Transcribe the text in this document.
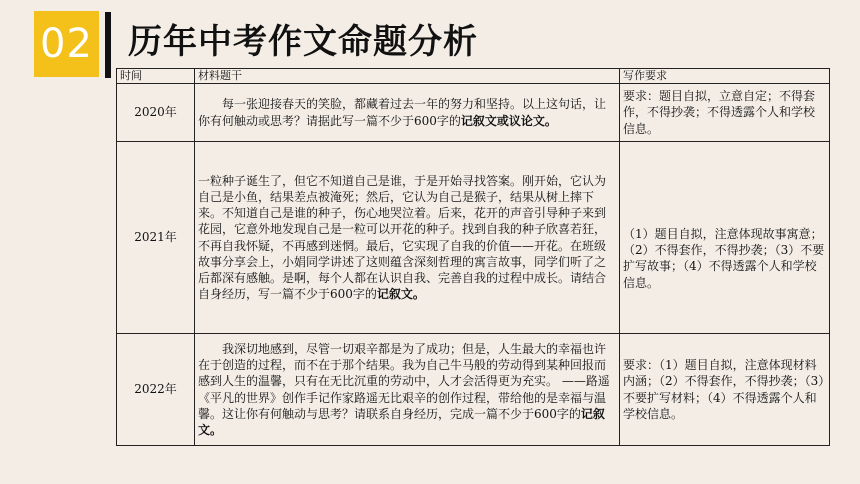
02 历年中考作文命题分析
时间	材料题干	写作要求
2020年	每一张迎接春天的笑脸，都藏着过去一年的努力和坚持。以上这句话，让你有何触动或思考？请据此写一篇不少于600字的记叙文或议论文。	要求：题目自拟，立意自定；不得套作，不得抄袭；不得透露个人和学校信息。
2021年	一粒种子诞生了，但它不知道自己是谁，于是开始寻找答案。刚开始，它认为自己是小鱼，结果差点被淹死；然后，它认为自己是猴子，结果从树上摔下来。不知道自己是谁的种子，伤心地哭泣着。后来，花开的声音引导种子来到花园，它意外地发现自己是一粒可以开花的种子。找到自我的种子欣喜若狂，不再自我怀疑，不再感到迷惘。最后，它实现了自我的价值——开花。在班级故事分享会上，小娟同学讲述了这则蕴含深刻哲理的寓言故事，同学们听了之后都深有感触。是啊，每个人都在认识自我、完善自我的过程中成长。请结合自身经历，写一篇不少于600字的记叙文。	（1）题目自拟，注意体现故事寓意；（2）不得套作，不得抄袭；（3）不要扩写故事；（4）不得透露个人和学校信息。
2022年	我深切地感到，尽管一切艰辛都是为了成功；但是，人生最大的幸福也许在于创造的过程，而不在于那个结果。我为自己牛马般的劳动得到某种回报而感到人生的温馨，只有在无比沉重的劳动中，人才会活得更为充实。 ——路遥《平凡的世界》创作手记作家路遥无比艰辛的创作过程，带给他的是幸福与温馨。这让你有何触动与思考？请联系自身经历，完成一篇不少于600字的记叙文。	要求：（1）题目自拟，注意体现材料内涵；（2）不得套作，不得抄袭；（3）不要扩写材料；（4）不得透露个人和学校信息。
